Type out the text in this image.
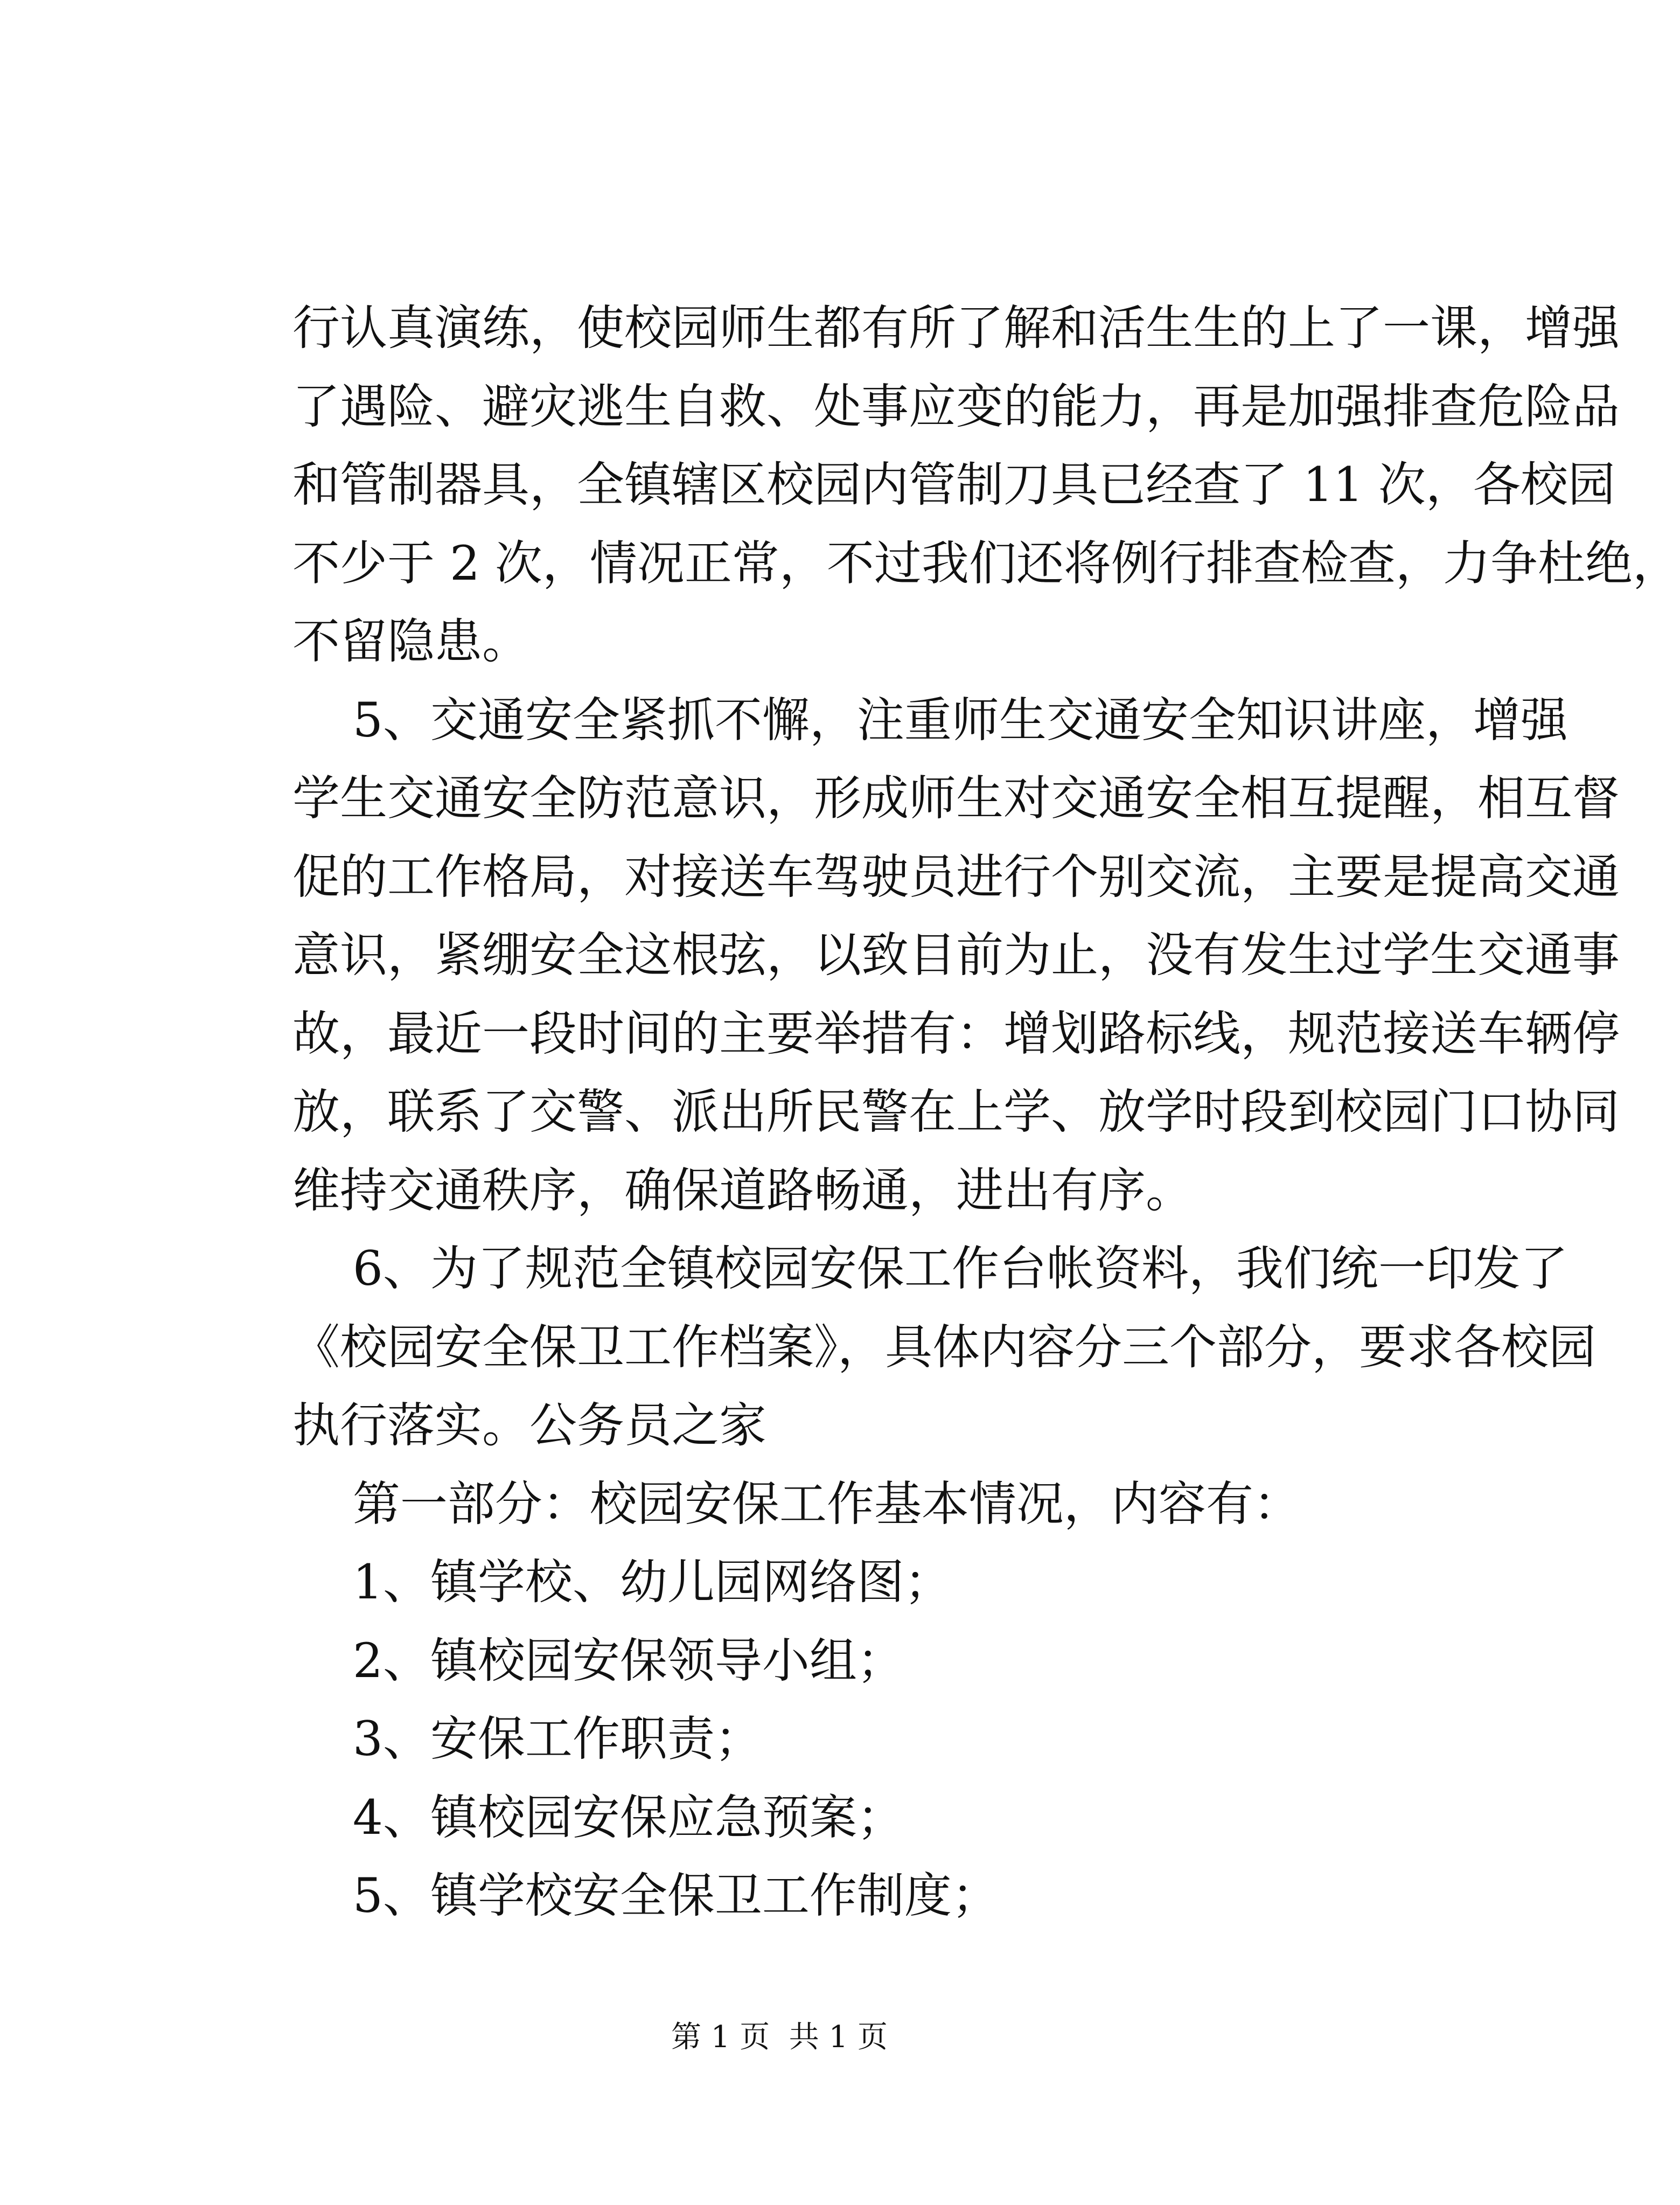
行认真演练，使校园师生都有所了解和活生生的上了一课，增强

了遇险、避灾逃生自救、处事应变的能力，再是加强排查危险品

和管制器具，全镇辖区校园内管制刀具已经查了 11 次，各校园

不少于 2 次，情况正常，不过我们还将例行排查检查，力争杜绝，

不留隐患。

5、交通安全紧抓不懈，注重师生交通安全知识讲座，增强

学生交通安全防范意识，形成师生对交通安全相互提醒，相互督

促的工作格局，对接送车驾驶员进行个别交流，主要是提高交通

意识，紧绷安全这根弦，以致目前为止，没有发生过学生交通事

故，最近一段时间的主要举措有：增划路标线，规范接送车辆停

放，联系了交警、派出所民警在上学、放学时段到校园门口协同

维持交通秩序，确保道路畅通，进出有序。

6、为了规范全镇校园安保工作台帐资料，我们统一印发了

《校园安全保卫工作档案》，具体内容分三个部分，要求各校园

执行落实。公务员之家

第一部分：校园安保工作基本情况，内容有：

1、镇学校、幼儿园网络图；

2、镇校园安保领导小组；

3、安保工作职责；

4、镇校园安保应急预案；

5、镇学校安全保卫工作制度；

第 1 页  共 1 页
